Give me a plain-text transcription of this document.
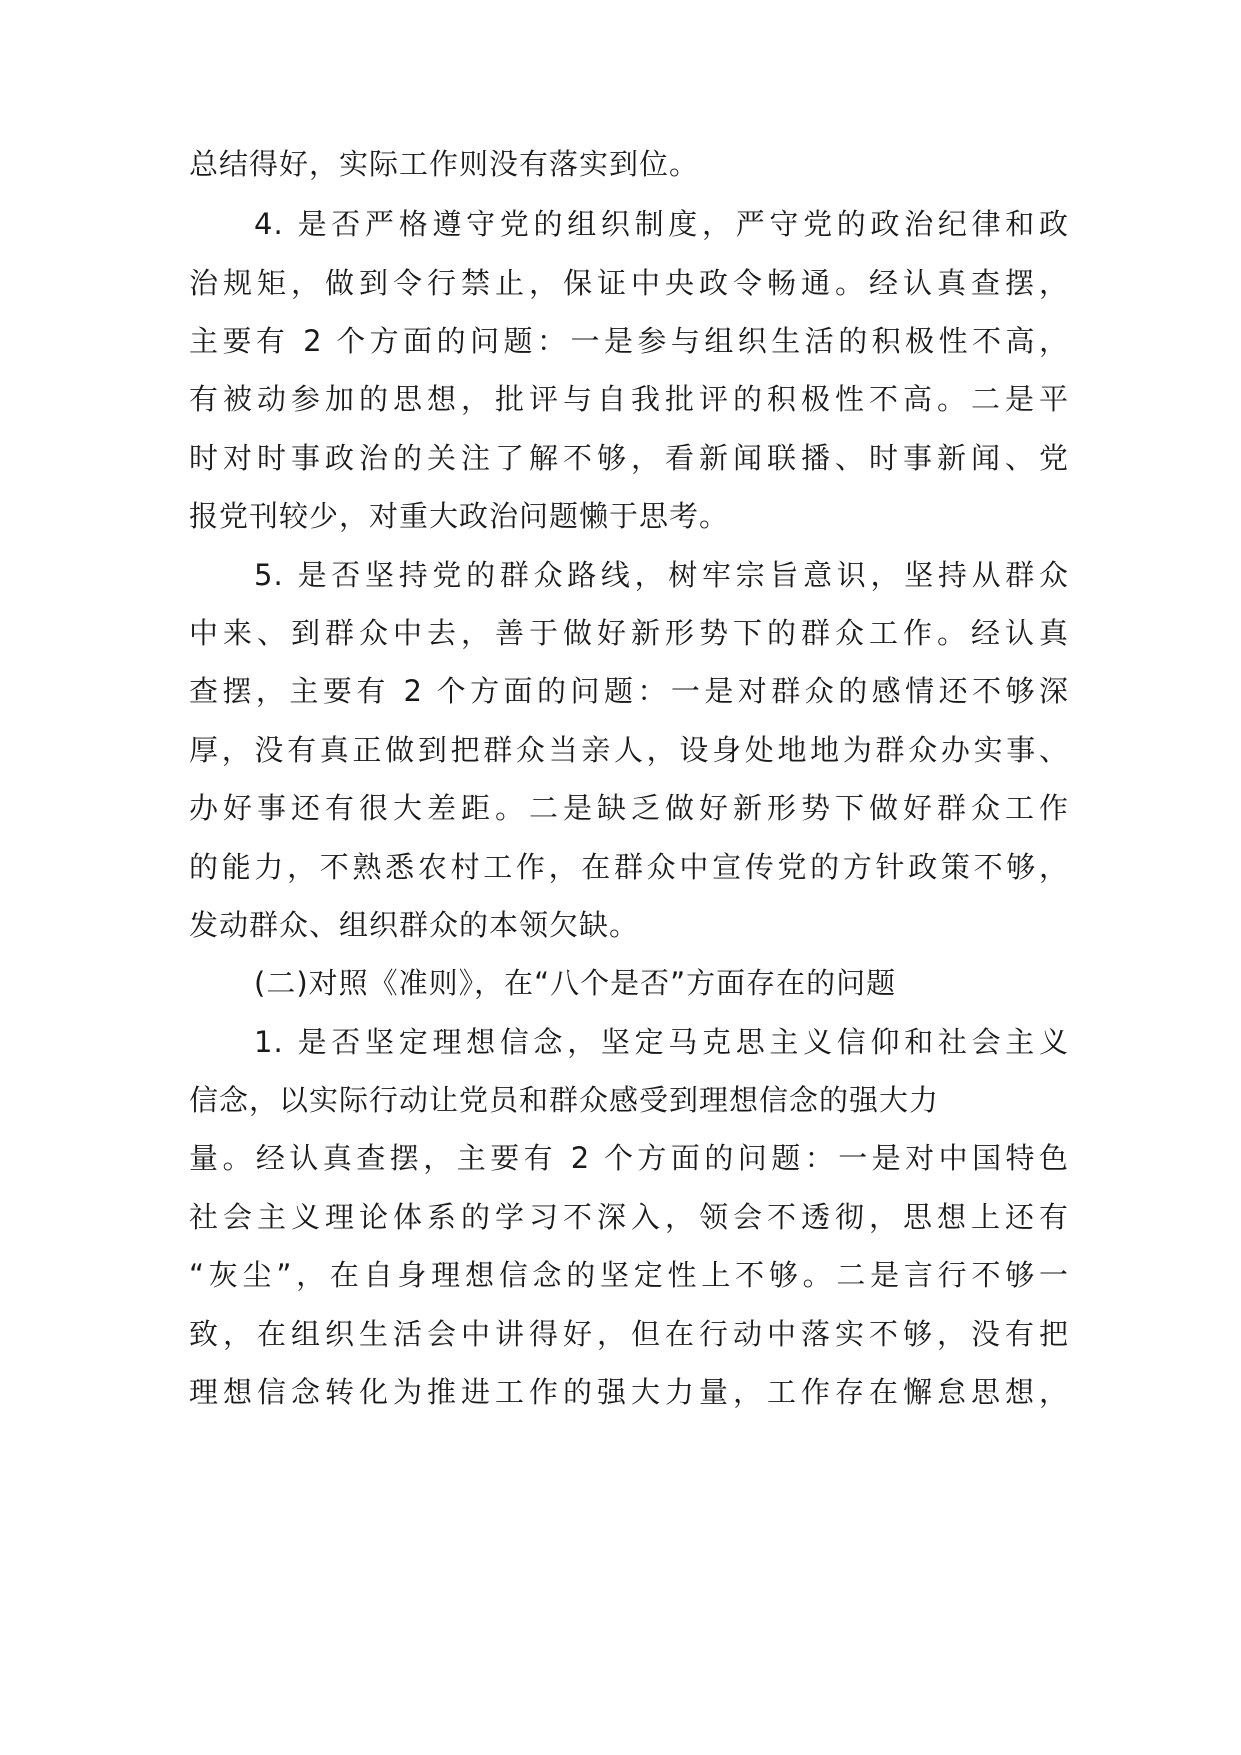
总结得好，实际工作则没有落实到位。

4. 是否严格遵守党的组织制度，严守党的政治纪律和政

治规矩，做到令行禁止，保证中央政令畅通。经认真查摆，

主要有 2 个方面的问题：一是参与组织生活的积极性不高，

有被动参加的思想，批评与自我批评的积极性不高。二是平

时对时事政治的关注了解不够，看新闻联播、时事新闻、党

报党刊较少，对重大政治问题懒于思考。

5. 是否坚持党的群众路线，树牢宗旨意识，坚持从群众

中来、到群众中去，善于做好新形势下的群众工作。经认真

查摆，主要有 2 个方面的问题：一是对群众的感情还不够深

厚，没有真正做到把群众当亲人，设身处地地为群众办实事、

办好事还有很大差距。二是缺乏做好新形势下做好群众工作

的能力，不熟悉农村工作，在群众中宣传党的方针政策不够，

发动群众、组织群众的本领欠缺。

(二)对照《准则》，在“八个是否”方面存在的问题

1. 是否坚定理想信念，坚定马克思主义信仰和社会主义

信念，以实际行动让党员和群众感受到理想信念的强大力

量。经认真查摆，主要有 2 个方面的问题：一是对中国特色

社会主义理论体系的学习不深入，领会不透彻，思想上还有

“灰尘”，在自身理想信念的坚定性上不够。二是言行不够一

致，在组织生活会中讲得好，但在行动中落实不够，没有把

理想信念转化为推进工作的强大力量，工作存在懈怠思想，
